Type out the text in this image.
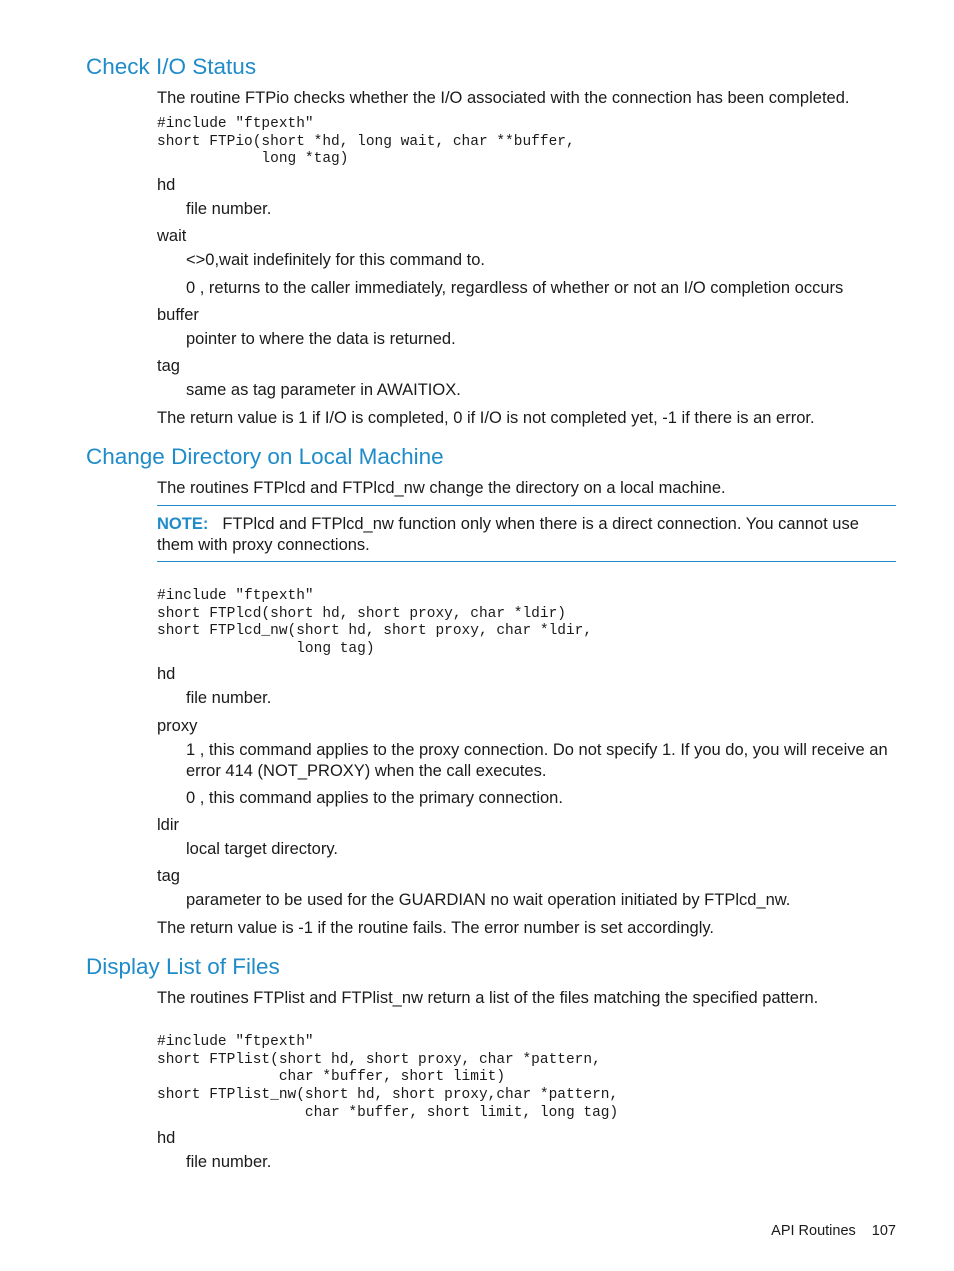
Check I/O Status
The routine FTPio checks whether the I/O associated with the connection has been completed.
#include "ftpexth"
short FTPio(short *hd, long wait, char **buffer,
long *tag)
hd
file number.
wait
<>0,wait indefinitely for this command to.
0 , returns to the caller immediately, regardless of whether or not an I/O completion occurs
buffer
pointer to where the data is returned.
tag
same as tag parameter in AWAITIOX.
The return value is 1 if I/O is completed, 0 if I/O is not completed yet, -1 if there is an error.
Change Directory on Local Machine
The routines FTPlcd and FTPlcd_nw change the directory on a local machine.
NOTE: FTPlcd and FTPlcd_nw function only when there is a direct connection. You cannot use them with proxy connections.
#include "ftpexth"
short FTPlcd(short hd, short proxy, char *ldir)
short FTPlcd_nw(short hd, short proxy, char *ldir,
long tag)
hd
file number.
proxy
1 , this command applies to the proxy connection. Do not specify 1. If you do, you will receive an error 414 (NOT_PROXY) when the call executes.
0 , this command applies to the primary connection.
ldir
local target directory.
tag
parameter to be used for the GUARDIAN no wait operation initiated by FTPlcd_nw.
The return value is -1 if the routine fails. The error number is set accordingly.
Display List of Files
The routines FTPlist and FTPlist_nw return a list of the files matching the specified pattern.
#include "ftpexth"
short FTPlist(short hd, short proxy, char *pattern,
char *buffer, short limit)
short FTPlist_nw(short hd, short proxy,char *pattern,
char *buffer, short limit, long tag)
hd
file number.
API Routines 107
